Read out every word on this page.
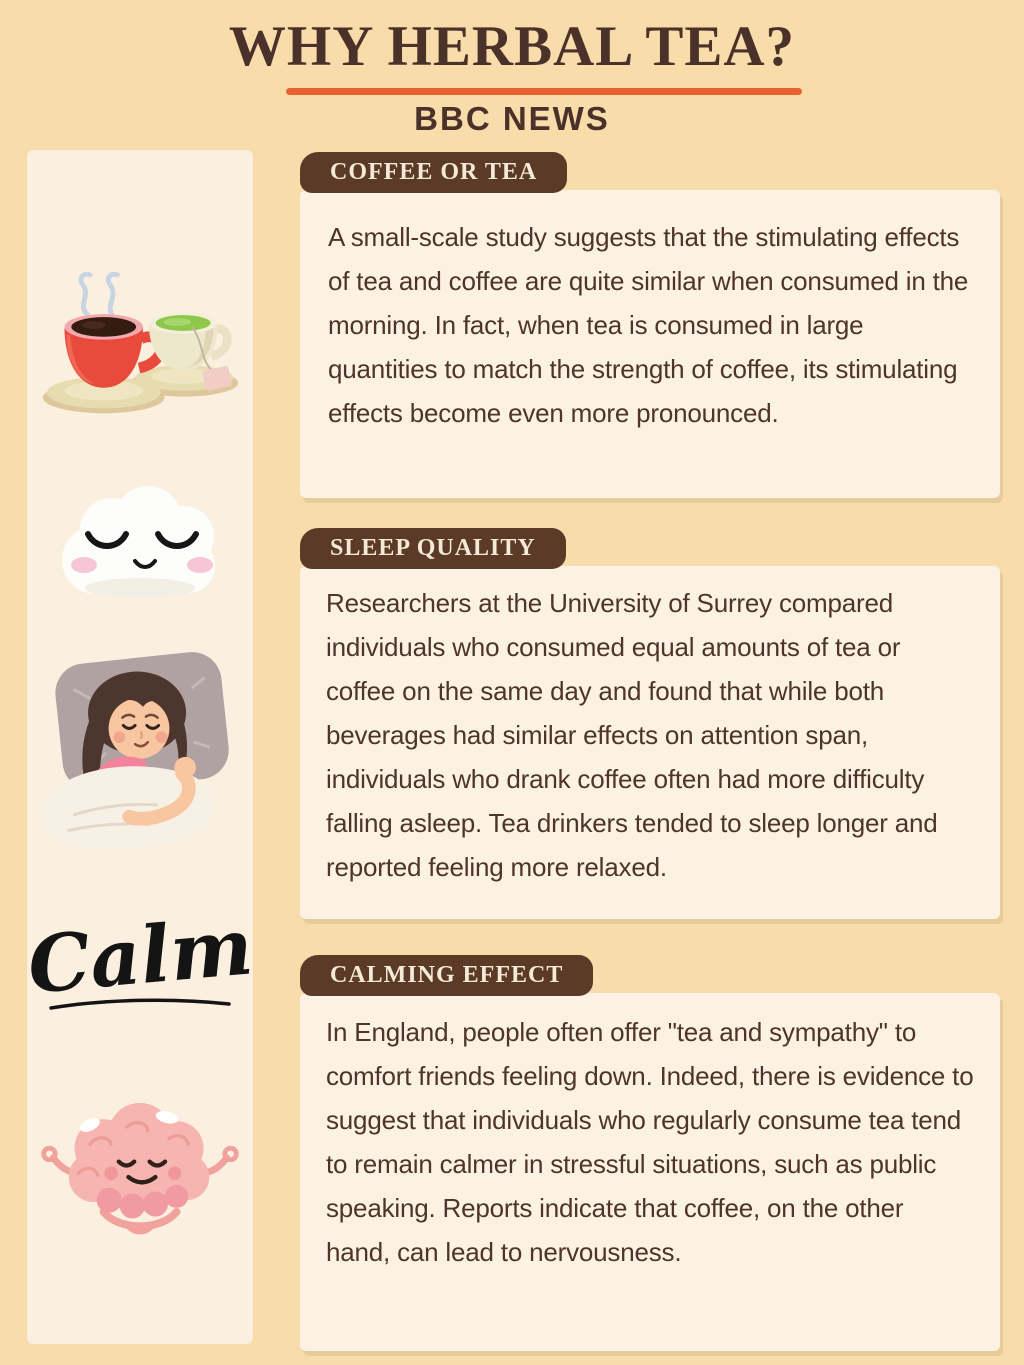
WHY HERBAL TEA?
BBC NEWS
Calm
COFFEE OR TEA

A small-scale study suggests that the stimulating effects of tea and coffee are quite similar when consumed in the morning. In fact, when tea is consumed in large quantities to match the strength of coffee, its stimulating effects become even more pronounced.

SLEEP QUALITY

Researchers at the University of Surrey compared individuals who consumed equal amounts of tea or coffee on the same day and found that while both beverages had similar effects on attention span, individuals who drank coffee often had more difficulty falling asleep. Tea drinkers tended to sleep longer and reported feeling more relaxed.

CALMING EFFECT

In England, people often offer "tea and sympathy" to comfort friends feeling down. Indeed, there is evidence to suggest that individuals who regularly consume tea tend to remain calmer in stressful situations, such as public speaking. Reports indicate that coffee, on the other hand, can lead to nervousness.
